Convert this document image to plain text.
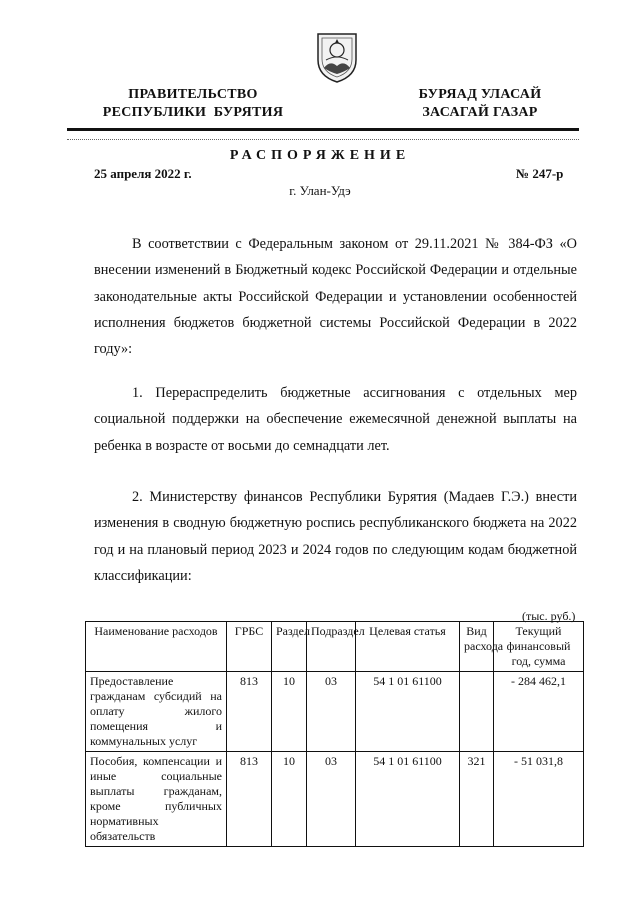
ПРАВИТЕЛЬСТВО
РЕСПУБЛИКИ  БУРЯТИЯ
БУРЯАД УЛАСАЙ
ЗАСАГАЙ ГАЗАР
РАСПОРЯЖЕНИЕ
25 апреля 2022 г.	№ 247-р
г. Улан-Удэ

В соответствии с Федеральным законом от 29.11.2021 № 384-ФЗ «О внесении изменений в Бюджетный кодекс Российской Федерации и отдельные законодательные акты Российской Федерации и установлении особенностей исполнения бюджетов бюджетной системы Российской Федерации в 2022 году»:

1. Перераспределить бюджетные ассигнования с отдельных мер социальной поддержки на обеспечение ежемесячной денежной выплаты на ребенка в возрасте от восьми до семнадцати лет.

2. Министерству финансов Республики Бурятия (Мадаев Г.Э.) внести изменения в сводную бюджетную роспись республиканского бюджета на 2022 год и на плановый период 2023 и 2024 годов по следующим кодам бюджетной классификации:

(тыс. руб.)
Наименование расходов	ГРБС	Раздел	Подраздел	Целевая статья	Вид расхода	Текущий финансовый год, сумма
Предоставление гражданам субсидий на оплату жилого помещения и коммунальных услуг	813	10	03	54 1 01 61100		- 284 462,1
Пособия, компенсации и иные социальные выплаты гражданам, кроме публичных нормативных обязательств	813	10	03	54 1 01 61100	321	- 51 031,8
